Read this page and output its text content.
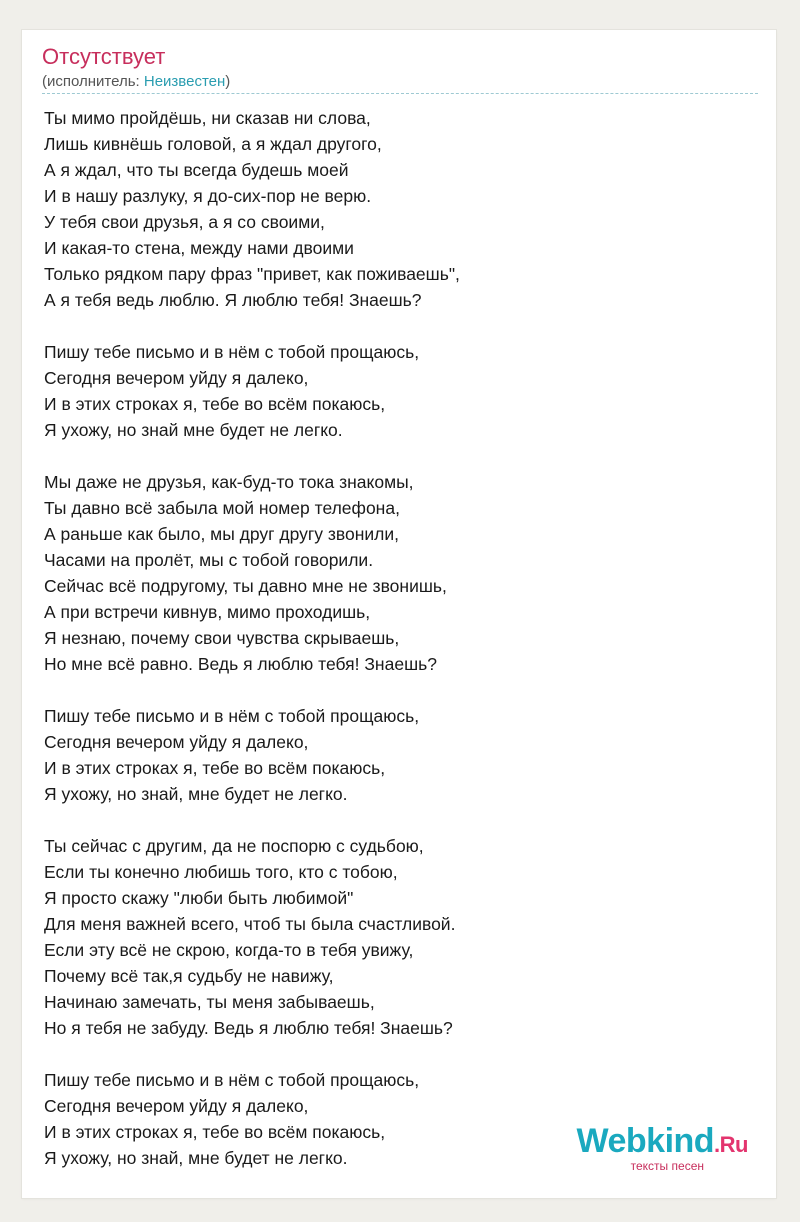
Отсутствует
(исполнитель: Неизвестен)
Ты мимо пройдёшь, ни сказав ни слова,
Лишь кивнёшь головой, а я ждал другого,
А я ждал, что ты всегда будешь моей
И в нашу разлуку, я до-сих-пор не верю.
У тебя свои друзья, а я со своими,
И какая-то стена, между нами двоими
Только рядком пару фраз "привет, как поживаешь",
А я тебя ведь люблю. Я люблю тебя! Знаешь?
Пишу тебе письмо и в нём с тобой прощаюсь,
Сегодня вечером уйду я далеко,
И в этих строках я, тебе во всём покаюсь,
Я ухожу, но знай мне будет не легко.
Мы даже не друзья, как-буд-то тока знакомы,
Ты давно всё забыла мой номер телефона,
А раньше как было, мы друг другу звонили,
Часами на пролёт, мы с тобой говорили.
Сейчас всё подругому, ты давно мне не звонишь,
А при встречи кивнув, мимо проходишь,
Я незнаю, почему свои чувства скрываешь,
Но мне всё равно. Ведь я люблю тебя! Знаешь?
Пишу тебе письмо и в нём с тобой прощаюсь,
Сегодня вечером уйду я далеко,
И в этих строках я, тебе во всём покаюсь,
Я ухожу, но знай, мне будет не легко.
Ты сейчас с другим, да не поспорю с судьбою,
Если ты конечно любишь того, кто с тобою,
Я просто скажу "люби быть любимой"
Для меня важней всего, чтоб ты была счастливой.
Если эту всё не скрою, когда-то в тебя увижу,
Почему всё так,я судьбу не навижу,
Начинаю замечать, ты меня забываешь,
Но я тебя не забуду. Ведь я люблю тебя! Знаешь?
Пишу тебе письмо и в нём с тобой прощаюсь,
Сегодня вечером уйду я далеко,
И в этих строках я, тебе во всём покаюсь,
Я ухожу, но знай, мне будет не легко.	Webkind.Ru
тексты песен
